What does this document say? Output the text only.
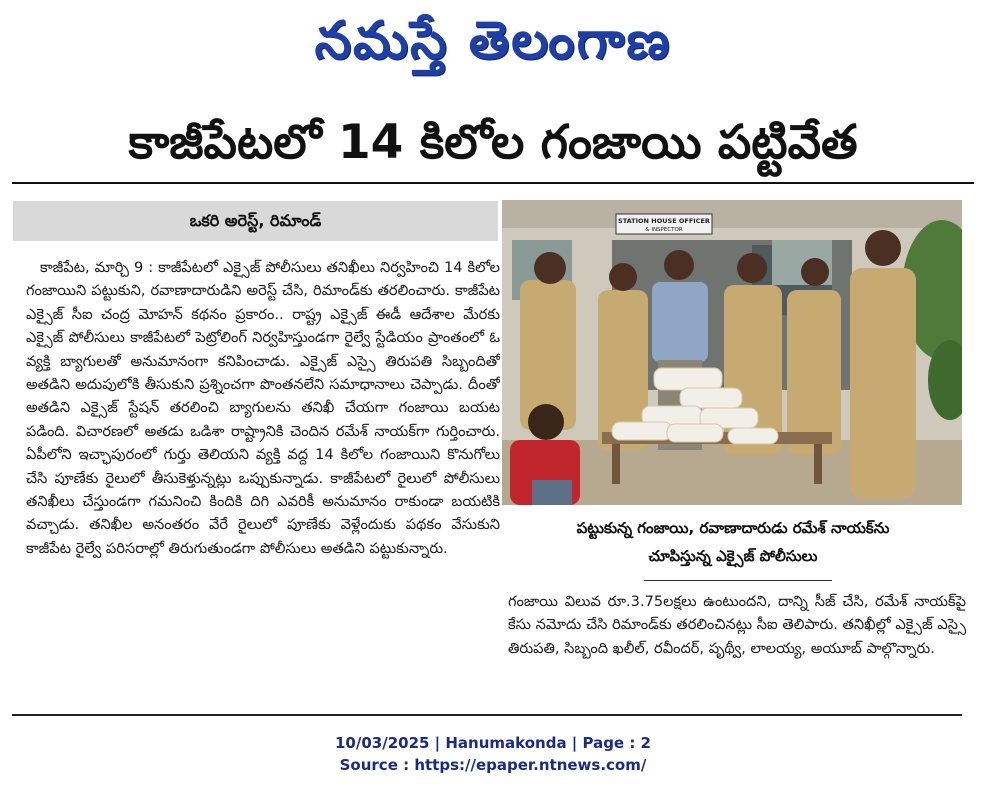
నమస్తే తెలంగాణ
కాజీపేటలో 14 కిలోల గంజాయి పట్టివేత
ఒకరి అరెస్ట్, రిమాండ్
కాజీపేట, మార్చి 9 : కాజీపేటలో ఎక్సైజ్ పోలీసులు తనిఖీలు నిర్వహించి 14 కిలోల గంజాయిని పట్టుకుని, రవాణాదారుడిని అరెస్ట్ చేసి, రిమాండ్‌కు తరలించారు. కాజీపేట ఎక్సైజ్ సీఐ చంద్ర మోహన్ కథనం ప్రకారం.. రాష్ట్ర ఎక్సైజ్ ఈడీ ఆదేశాల మేరకు ఎక్సైజ్ పోలీసులు కాజీపేటలో పెట్రోలింగ్ నిర్వహిస్తుండగా రైల్వే స్టేడియం ప్రాంతంలో ఓ వ్యక్తి బ్యాగులతో అనుమానంగా కనిపించాడు. ఎక్సైజ్ ఎస్సై తిరుపతి సిబ్బందితో అతడిని అదుపులోకి తీసుకుని ప్రశ్నించగా పొంతనలేని సమాధానాలు చెప్పాడు. దీంతో అతడిని ఎక్సైజ్ స్టేషన్ తరలించి బ్యాగులను తనిఖీ చేయగా గంజాయి బయట పడింది. విచారణలో అతడు ఒడిశా రాష్ట్రానికి చెందిన రమేశ్ నాయక్‌గా గుర్తించారు. ఏపీలోని ఇచ్ఛాపురంలో గుర్తు తెలియని వ్యక్తి వద్ద 14 కిలోల గంజాయిని కొనుగోలు చేసి పూణేకు రైలులో తీసుకెళ్తున్నట్లు ఒప్పుకున్నాడు. కాజీపేటలో రైలులో పోలీసులు తనిఖీలు చేస్తుండగా గమనించి కిందికి దిగి ఎవరికీ అనుమానం రాకుండా బయటికి వచ్చాడు. తనిఖీల అనంతరం వేరే రైలులో పూణేకు వెళ్లేందుకు పథకం వేసుకుని కాజీపేట రైల్వే పరిసరాల్లో తిరుగుతుండగా పోలీసులు అతడిని పట్టుకున్నారు.
STATION HOUSE OFFICER
& INSPECTOR
పట్టుకున్న గంజాయి, రవాణాదారుడు రమేశ్ నాయక్‌ను
చూపిస్తున్న ఎక్సైజ్ పోలీసులు
గంజాయి విలువ రూ.3.75లక్షలు ఉంటుందని, దాన్ని సీజ్ చేసి, రమేశ్ నాయక్‌పై కేసు నమోదు చేసి రిమాండ్‌కు తరలించినట్లు సీఐ తెలిపారు. తనిఖీల్లో ఎక్సైజ్ ఎస్సై తిరుపతి, సిబ్బంది ఖలీల్, రవీందర్, పృథ్వీ, లాలయ్య, అయూబ్ పాల్గొన్నారు.
10/03/2025 | Hanumakonda | Page : 2
Source : https://epaper.ntnews.com/
